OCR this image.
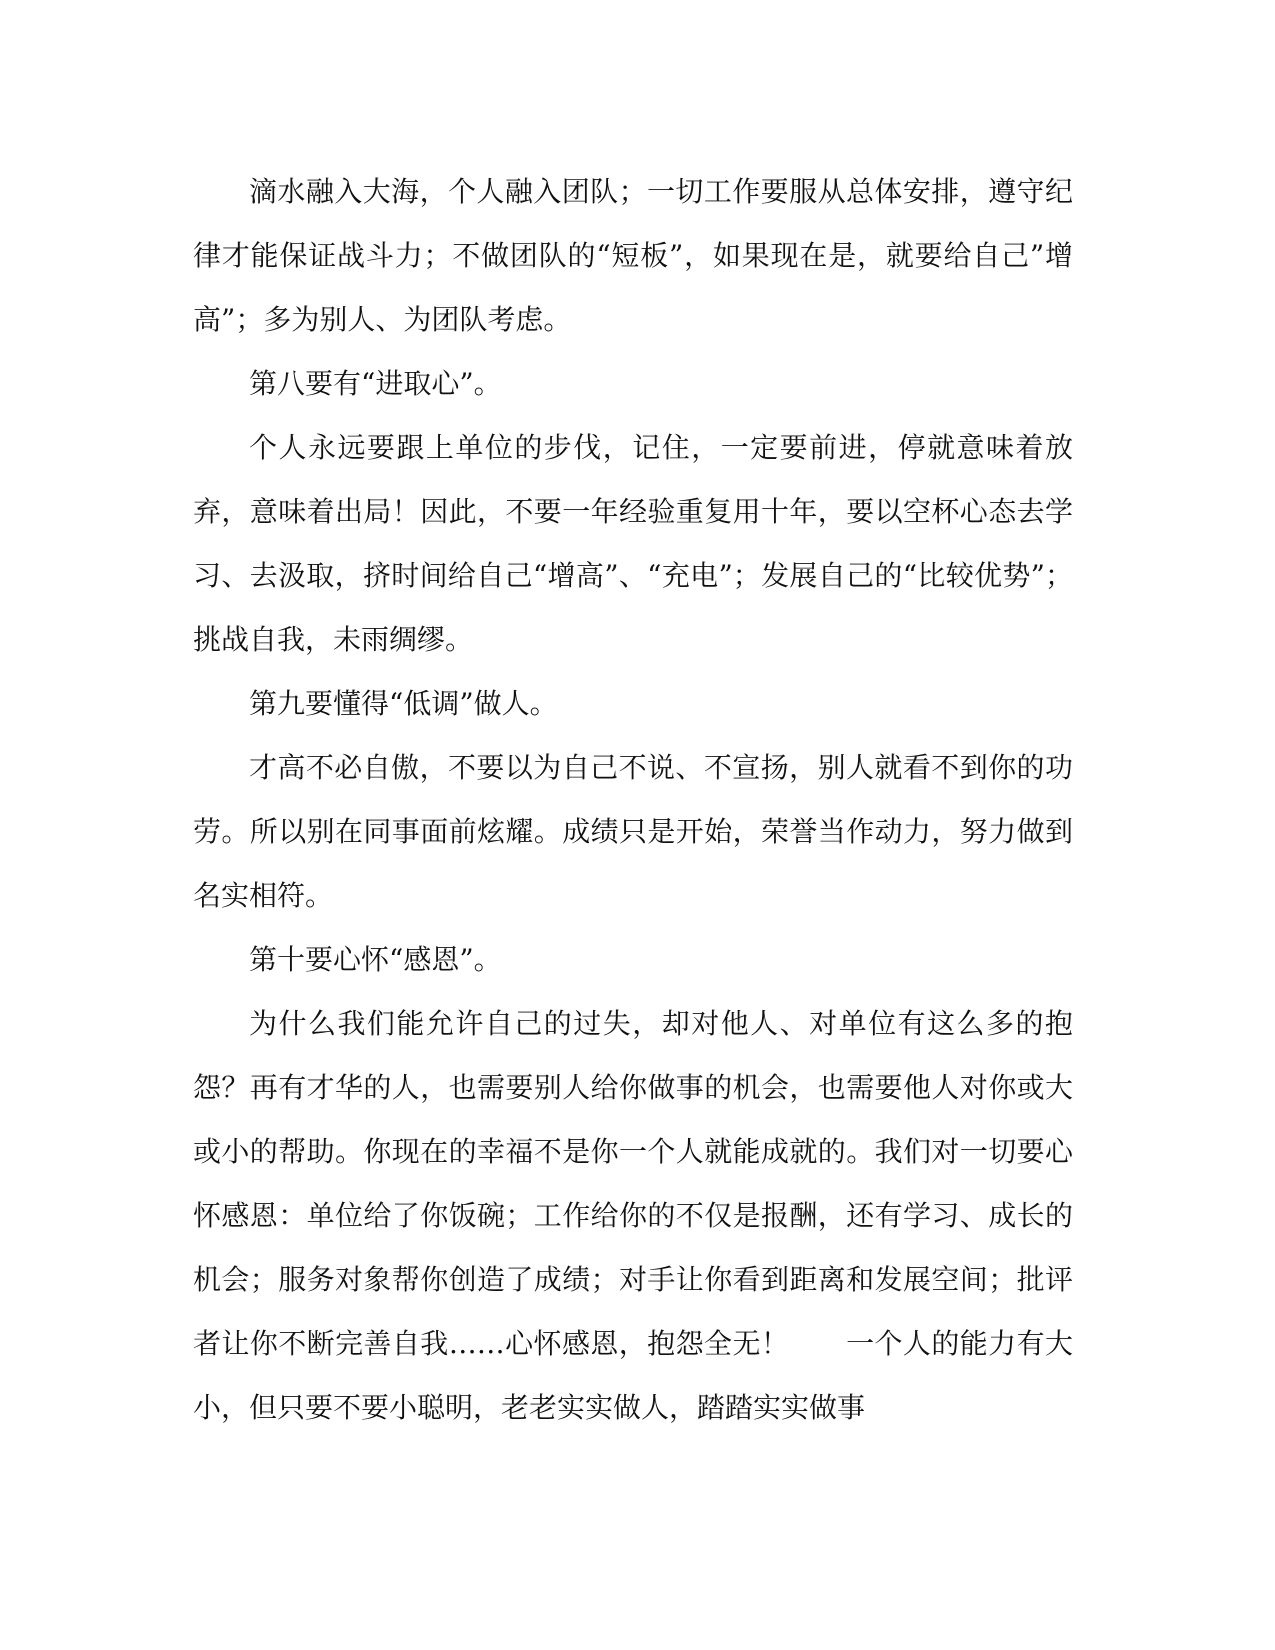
滴水融入大海，个人融入团队；一切工作要服从总体安排，遵守纪律才能保证战斗力；不做团队的“短板”，如果现在是，就要给自己”增高”；多为别人、为团队考虑。

第八要有“进取心”。

个人永远要跟上单位的步伐，记住，一定要前进，停就意味着放弃，意味着出局！因此，不要一年经验重复用十年，要以空杯心态去学习、去汲取，挤时间给自己“增高”、“充电”；发展自己的“比较优势”；挑战自我，未雨绸缪。

第九要懂得“低调”做人。

才高不必自傲，不要以为自己不说、不宣扬，别人就看不到你的功劳。所以别在同事面前炫耀。成绩只是开始，荣誉当作动力，努力做到名实相符。

第十要心怀“感恩”。

为什么我们能允许自己的过失，却对他人、对单位有这么多的抱怨？再有才华的人，也需要别人给你做事的机会，也需要他人对你或大或小的帮助。你现在的幸福不是你一个人就能成就的。我们对一切要心怀感恩：单位给了你饭碗；工作给你的不仅是报酬，还有学习、成长的机会；服务对象帮你创造了成绩；对手让你看到距离和发展空间；批评者让你不断完善自我……心怀感恩，抱怨全无！　　一个人的能力有大小，但只要不要小聪明，老老实实做人，踏踏实实做事
